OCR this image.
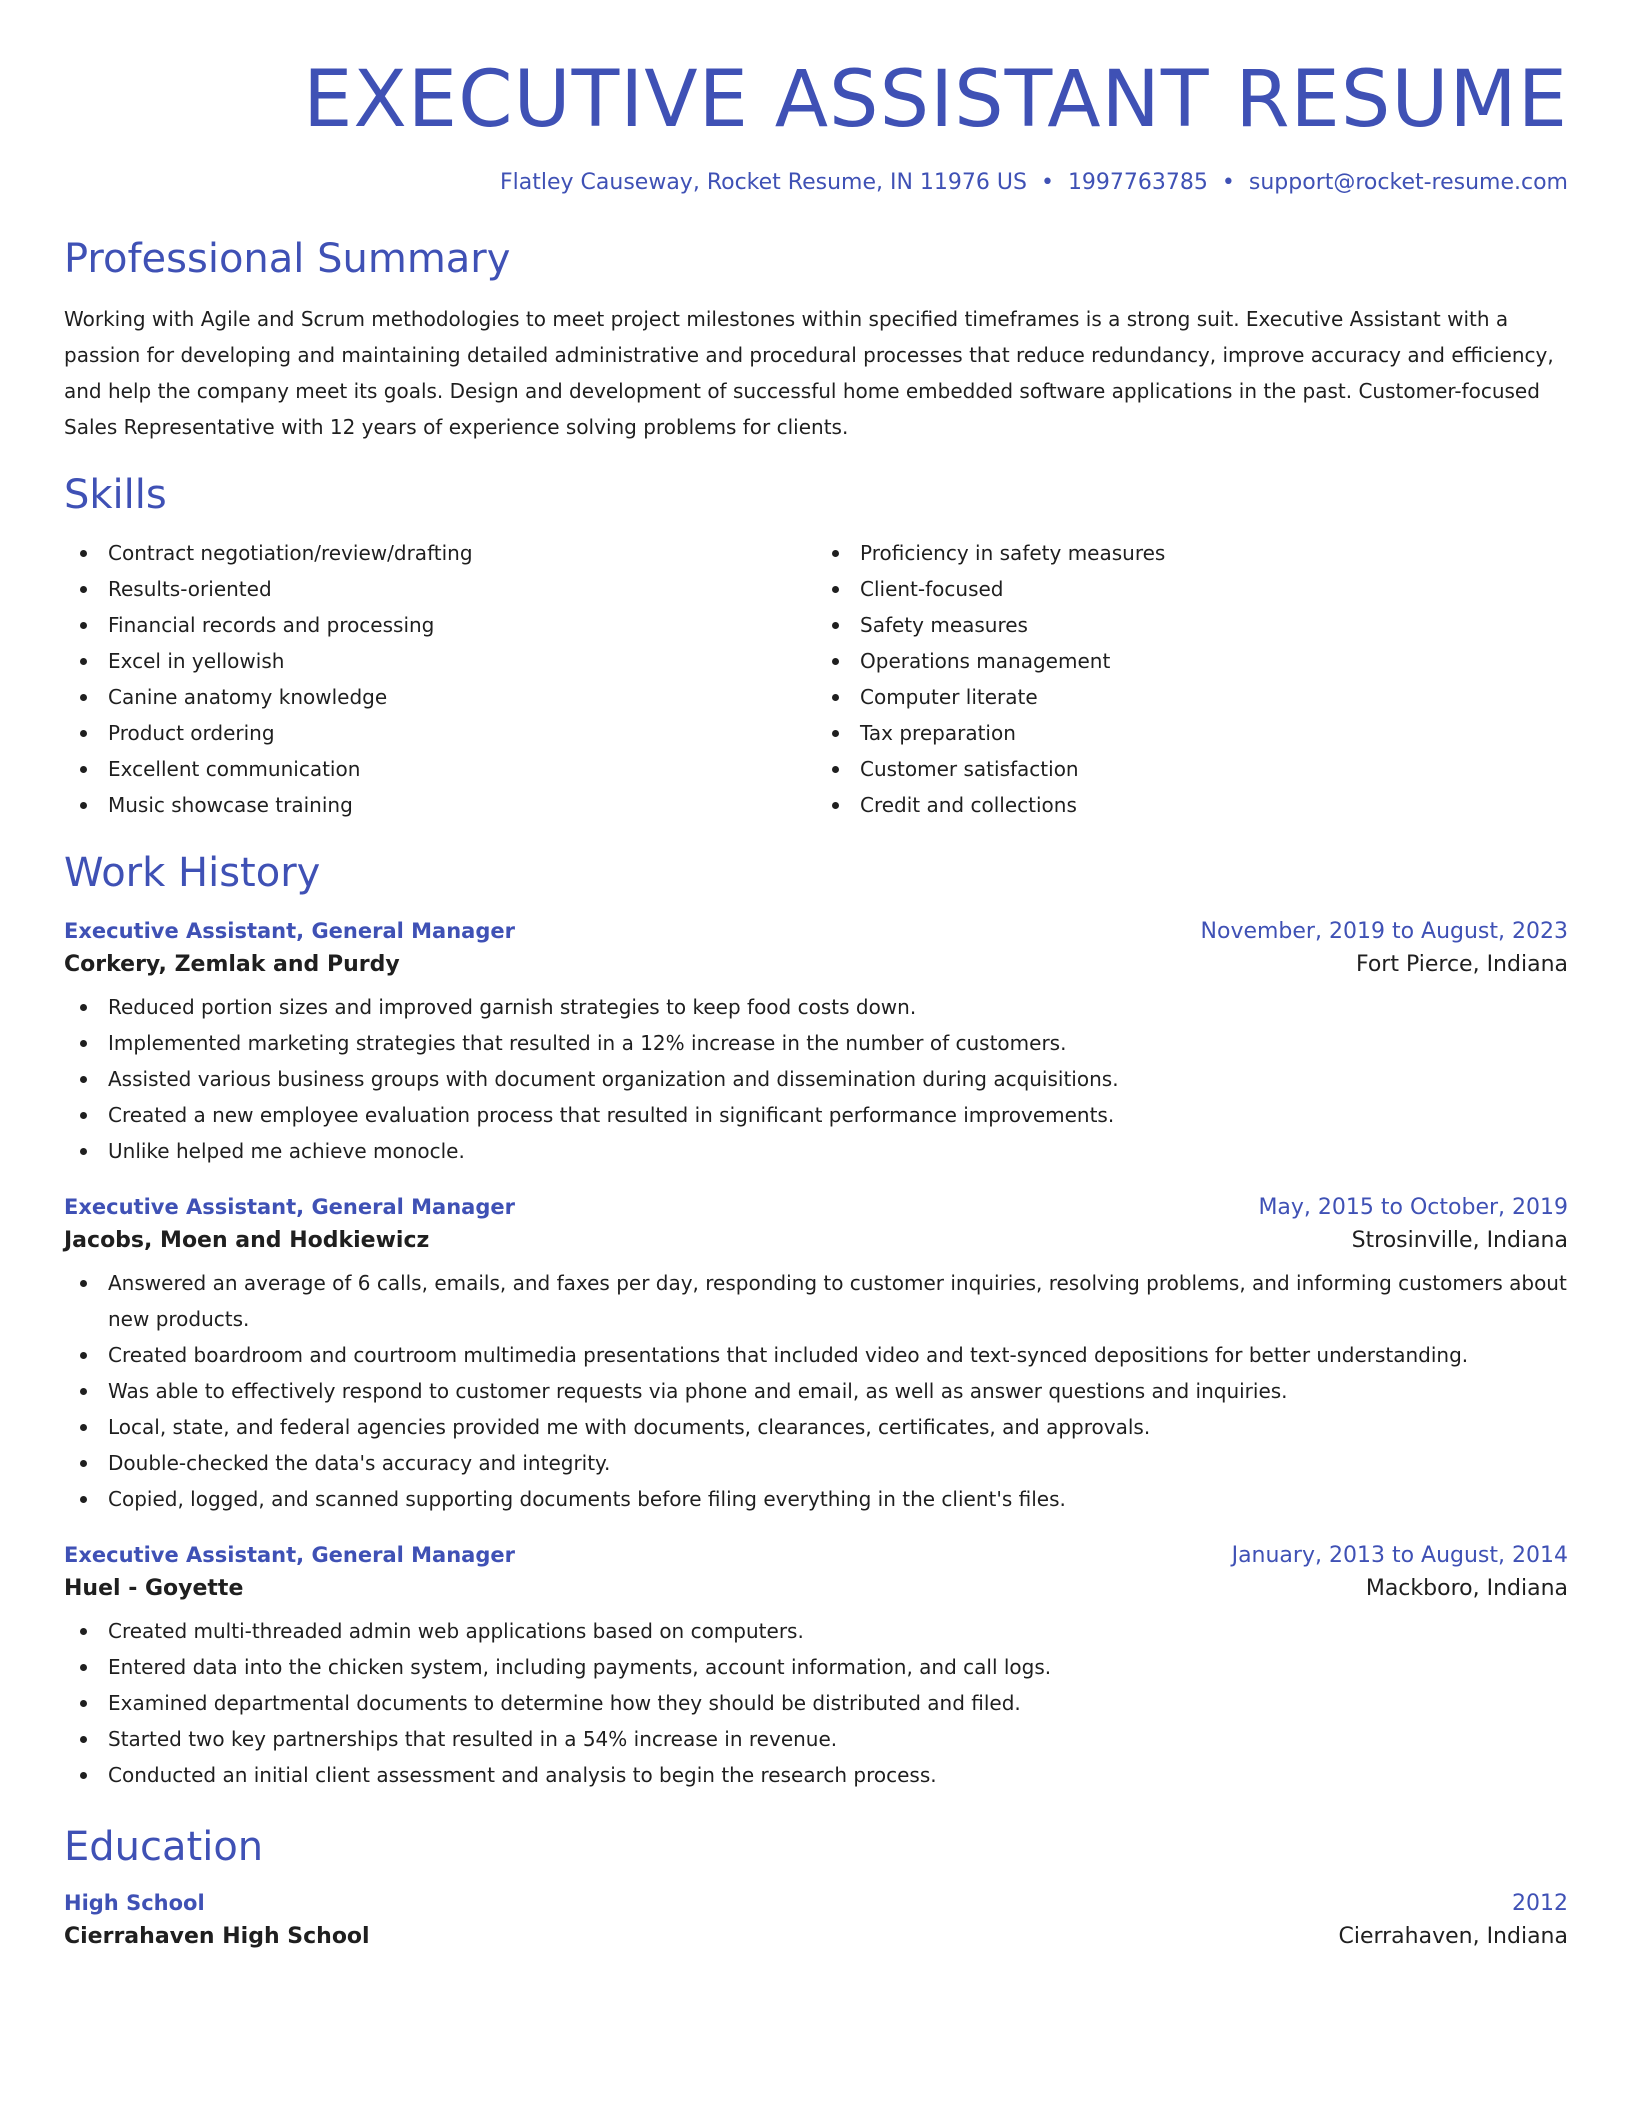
EXECUTIVE ASSISTANT RESUME
Flatley Causeway, Rocket Resume, IN 11976 US • 1997763785 • support@rocket-resume.com
Professional Summary

Working with Agile and Scrum methodologies to meet project milestones within specified timeframes is a strong suit. Executive Assistant with a passion for developing and maintaining detailed administrative and procedural processes that reduce redundancy, improve accuracy and efficiency, and help the company meet its goals. Design and development of successful home embedded software applications in the past. Customer-focused Sales Representative with 12 years of experience solving problems for clients.

Skills
Contract negotiation/review/drafting
Results-oriented
Financial records and processing
Excel in yellowish
Canine anatomy knowledge
Product ordering
Excellent communication
Music showcase training
Proficiency in safety measures
Client-focused
Safety measures
Operations management
Computer literate
Tax preparation
Customer satisfaction
Credit and collections
Work History
Executive Assistant, General Manager	November, 2019 to August, 2023
Corkery, Zemlak and Purdy	Fort Pierce, Indiana
Reduced portion sizes and improved garnish strategies to keep food costs down.
Implemented marketing strategies that resulted in a 12% increase in the number of customers.
Assisted various business groups with document organization and dissemination during acquisitions.
Created a new employee evaluation process that resulted in significant performance improvements.
Unlike helped me achieve monocle.
Executive Assistant, General Manager	May, 2015 to October, 2019
Jacobs, Moen and Hodkiewicz	Strosinville, Indiana
Answered an average of 6 calls, emails, and faxes per day, responding to customer inquiries, resolving problems, and informing customers about new products.
Created boardroom and courtroom multimedia presentations that included video and text-synced depositions for better understanding.
Was able to effectively respond to customer requests via phone and email, as well as answer questions and inquiries.
Local, state, and federal agencies provided me with documents, clearances, certificates, and approvals.
Double-checked the data's accuracy and integrity.
Copied, logged, and scanned supporting documents before filing everything in the client's files.
Executive Assistant, General Manager	January, 2013 to August, 2014
Huel - Goyette	Mackboro, Indiana
Created multi-threaded admin web applications based on computers.
Entered data into the chicken system, including payments, account information, and call logs.
Examined departmental documents to determine how they should be distributed and filed.
Started two key partnerships that resulted in a 54% increase in revenue.
Conducted an initial client assessment and analysis to begin the research process.
Education
High School	2012
Cierrahaven High School	Cierrahaven, Indiana
